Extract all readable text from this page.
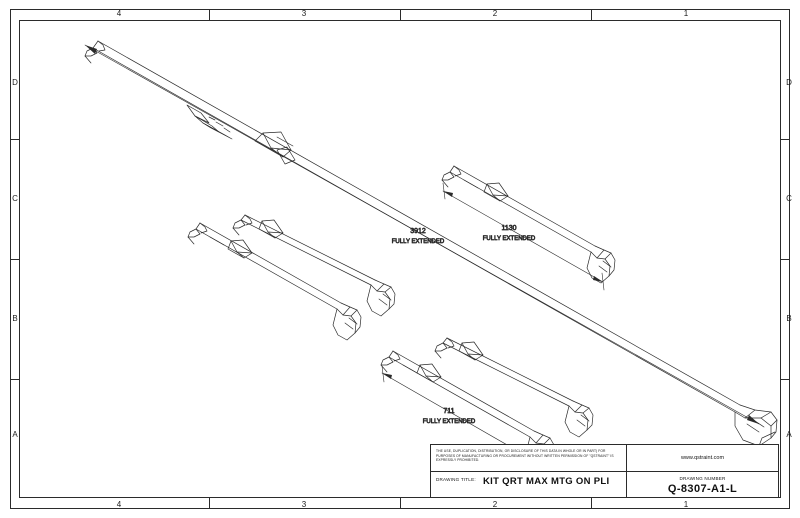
4	3	2	1
4	3	2	1
D
C
B
A
D
C
B
A
1130
FULLY EXTENDED
3912
FULLY EXTENDED
711
FULLY EXTENDED
THE USE, DUPLICATION, DISTRIBUTION, OR DISCLOSURE OF THIS DATA IN WHOLE OR IN PART) FOR PURPOSES OF MANUFACTURING OR PROCUREMENT WITHOUT WRITTEN PERMISSION OF "QSTRAINT" IS EXPRESSLY PROHIBITED.
DRAWING TITLE: KIT QRT MAX MTG ON PLI
www.qstraint.com
DRAWING NUMBER
Q-8307-A1-L
